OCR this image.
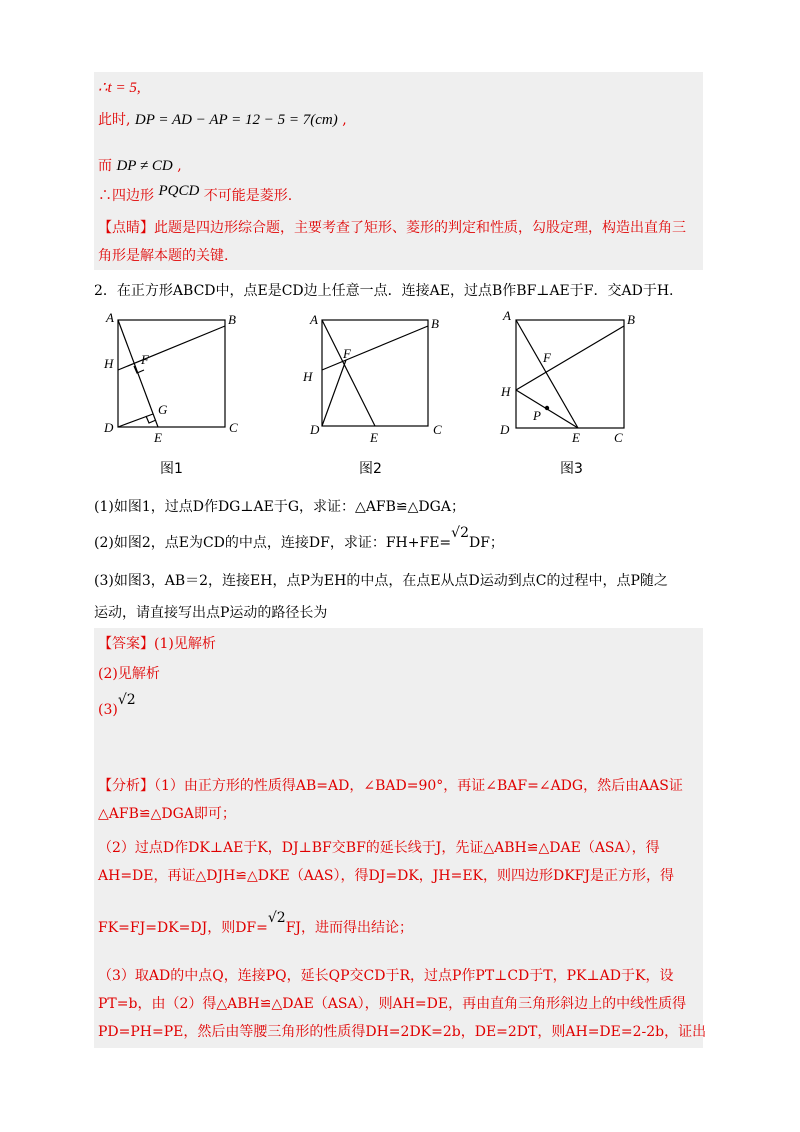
∴t = 5,
此时, DP = AD − AP = 12 − 5 = 7(cm) ,
而 DP ≠ CD ,
∴四边形 PQCD 不可能是菱形.
【点睛】此题是四边形综合题，主要考查了矩形、菱形的判定和性质，勾股定理，构造出直角三
角形是解本题的关键.
2．在正方形ABCD中，点E是CD边上任意一点．连接AE，过点B作BF⊥AE于F．交AD于H.
A	B
H F
G
D
E
C
A	B
H
F
D
E
C
A	B
F
H
P
D
E	C
图1	图2	图3
(1)如图1，过点D作DG⊥AE于G，求证：△AFB≌△DGA；
(2)如图2，点E为CD的中点，连接DF，求证：FH+FE=√2DF；
(3)如图3，AB＝2，连接EH，点P为EH的中点，在点E从点D运动到点C的过程中，点P随之
运动，请直接写出点P运动的路径长为
【答案】(1)见解析
(2)见解析
(3)√2
【分析】（1）由正方形的性质得AB=AD，∠BAD=90°，再证∠BAF=∠ADG，然后由AAS证
△AFB≌△DGA即可；
（2）过点D作DK⊥AE于K，DJ⊥BF交BF的延长线于J，先证△ABH≌△DAE（ASA），得
AH=DE，再证△DJH≌△DKE（AAS），得DJ=DK，JH=EK，则四边形DKFJ是正方形，得
FK=FJ=DK=DJ，则DF=√2FJ，进而得出结论；
（3）取AD的中点Q，连接PQ，延长QP交CD于R，过点P作PT⊥CD于T，PK⊥AD于K，设
PT=b，由（2）得△ABH≌△DAE（ASA），则AH=DE，再由直角三角形斜边上的中线性质得
PD=PH=PE，然后由等腰三角形的性质得DH=2DK=2b，DE=2DT，则AH=DE=2-2b，证出
